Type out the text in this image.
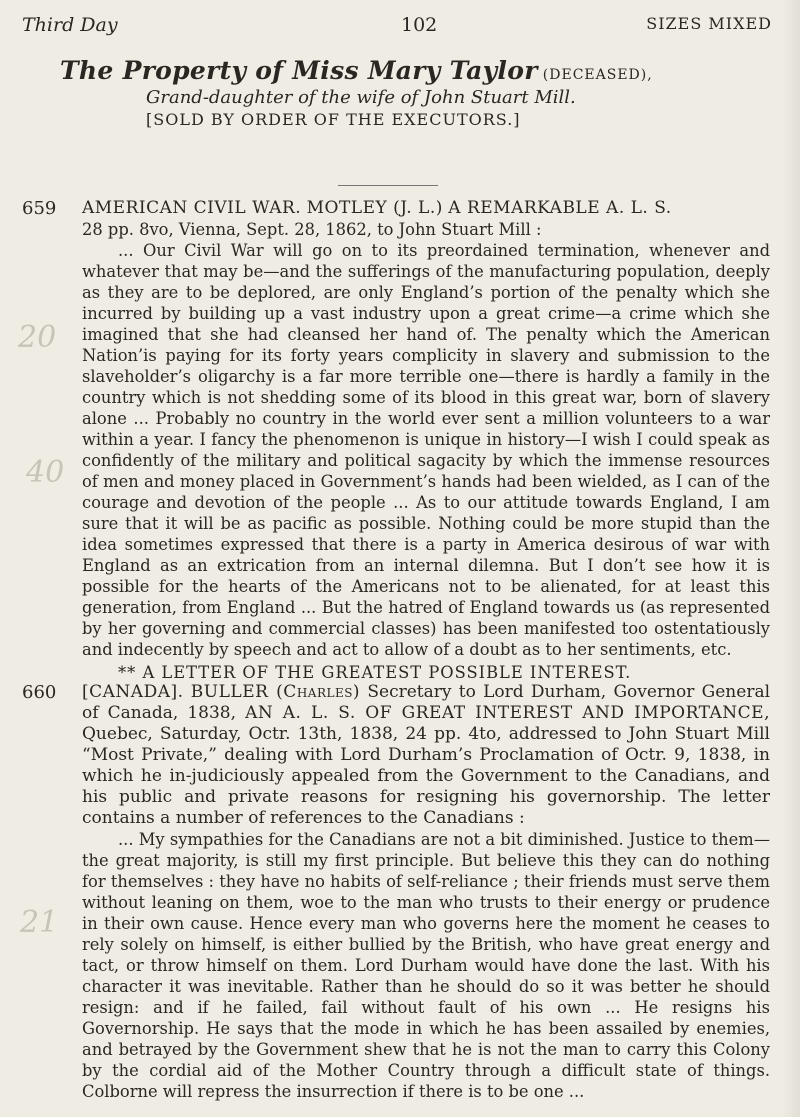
Third Day	102	SIZES MIXED
The Property of Miss Mary Taylor (DECEASED),
Grand-daughter of the wife of John Stuart Mill.
[SOLD BY ORDER OF THE EXECUTORS.]
659 AMERICAN CIVIL WAR. MOTLEY (J. L.) A REMARKABLE A. L. S.
28 pp. 8vo, Vienna, Sept. 28, 1862, to John Stuart Mill :
... Our Civil War will go on to its preordained termination, whenever and whatever that may be—and the sufferings of the manufacturing population, deeply as they are to be deplored, are only England’s portion of the penalty which she incurred by building up a vast industry upon a great crime—a crime which she imagined that she had cleansed her hand of. The penalty which the American Nation’is paying for its forty years complicity in slavery and submission to the slaveholder’s oligarchy is a far more terrible one—there is hardly a family in the country which is not shedding some of its blood in this great war, born of slavery alone ... Probably no country in the world ever sent a million volunteers to a war within a year. I fancy the phenomenon is unique in history—I wish I could speak as confidently of the military and political sagacity by which the immense resources of men and money placed in Government’s hands had been wielded, as I can of the courage and devotion of the people ... As to our attitude towards England, I am sure that it will be as pacific as possible. Nothing could be more stupid than the idea sometimes expressed that there is a party in America desirous of war with England as an extrication from an internal dilemna. But I don’t see how it is possible for the hearts of the Americans not to be alienated, for at least this generation, from England ... But the hatred of England towards us (as represented by her governing and commercial classes) has been manifested too ostentatiously and indecently by speech and act to allow of a doubt as to her sentiments, etc.
** A LETTER OF THE GREATEST POSSIBLE INTEREST.
660 [CANADA]. BULLER (Charles) Secretary to Lord Durham, Governor General of Canada, 1838, AN A. L. S. OF GREAT INTEREST AND IMPORTANCE, Quebec, Saturday, Octr. 13th, 1838, 24 pp. 4to, addressed to John Stuart Mill “Most Private,” dealing with Lord Durham’s Proclamation of Octr. 9, 1838, in which he in-judiciously appealed from the Government to the Canadians, and his public and private reasons for resigning his governorship. The letter contains a number of references to the Canadians :
... My sympathies for the Canadians are not a bit diminished. Justice to them—the great majority, is still my first principle. But believe this they can do nothing for themselves : they have no habits of self-reliance ; their friends must serve them without leaning on them, woe to the man who trusts to their energy or prudence in their own cause. Hence every man who governs here the moment he ceases to rely solely on himself, is either bullied by the British, who have great energy and tact, or throw himself on them. Lord Durham would have done the last. With his character it was inevitable. Rather than he should do so it was better he should resign: and if he failed, fail without fault of his own ... He resigns his Governorship. He says that the mode in which he has been assailed by enemies, and betrayed by the Government shew that he is not the man to carry this Colony by the cordial aid of the Mother Country through a difficult state of things. Colborne will repress the insurrection if there is to be one ...
20
40
21
